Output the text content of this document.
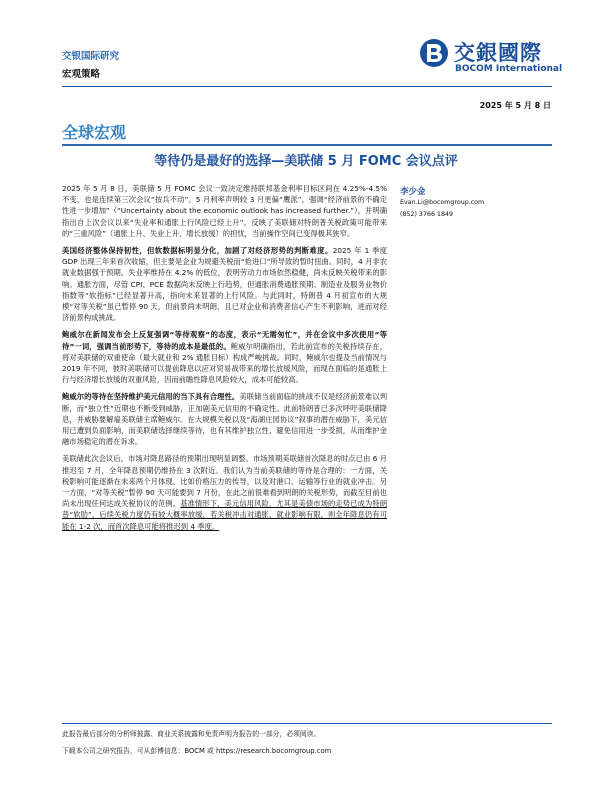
交银国际研究
宏观策略
交銀國際
BOCOM International
2025 年 5 月 8 日
全球宏观
等待仍是最好的选择—美联储 5 月 FOMC 会议点评
李少金
Evan.Li@bocomgroup.com
(852) 3766 1849

2025 年 5 月 8 日，美联储 5 月 FOMC 会议一致决定维持联邦基金利率目标区间在 4.25%-4.5% 不变，也是连续第三次会议“按兵不动”。5 月利率声明较 3 月更偏“鹰派”，强调“经济前景的不确定性进一步增加”（“Uncertainty about the economic outlook has increased further.”），并明确指出自上次会议以来“失业率和通胀上行风险已经上升”，反映了美联储对特朗普关税政策可能带来的“三重风险”（通胀上升、失业上升、增长放缓）的担忧，当前操作空间已变得极其狭窄。

美国经济整体保持韧性，但软数据标明显分化，加剧了对经济形势的判断难度。2025 年 1 季度 GDP 出现三年来首次收缩，但主要是企业为规避关税而“抢进口”所导致的暂时扭曲。同时，4 月非农就业数据强于预期，失业率维持在 4.2% 的低位，表明劳动力市场依然稳健，尚未反映关税带来的影响。通胀方面，尽管 CPI、PCE 数据尚未反映上行趋势，但通胀消费通胀预期、制造业及服务业物价指数等“软指标”已经显著升高，指向未来显著的上行风险。与此同时，特朗普 4 月初宣布的大规模“对等关税”虽已暂停 90 天，但前景尚未明朗，且已对企业和消费者信心产生不利影响，进而对经济前景构成挑战。

鲍威尔在新闻发布会上反复强调“等待观察”的态度，表示“无需匆忙”，并在会议中多次使用“等待”一词，强调当前形势下，等待的成本是最低的。鲍威尔明确指出，若此前宣布的关税持续存在，将对美联储的双重使命（最大就业和 2% 通胀目标）构成严峻挑战。同时，鲍威尔也提及当前情况与 2019 年不同，彼时美联储可以提前降息以应对贸易战带来的增长放缓风险，而现在面临的是通胀上行与经济增长放缓的双重风险，因而前瞻性降息风险较大，成本可能较高。

鲍威尔的等待在坚持维护美元信用的当下具有合理性。美联储当前面临的挑战不仅是经济前景难以判断，而“独立性”近期也不断受到威胁，正加剧美元信用的不确定性。此前特朗普已多次呼吁美联储降息，并威胁要解雇美联储主席鲍威尔。在大规模关税以及“海湖庄园协议”叙事的潜在威胁下，美元信用已遭到负面影响，而美联储选择继续等待，也有其维护独立性、避免信用进一步受损，从而维护金融市场稳定的潜在诉求。

美联储此次会议后，市场对降息路径的预期出现明显调整。市场预期美联储首次降息的时点已由 6 月推迟至 7 月，全年降息预期仍维持在 3 次附近。我们认为当前美联储的等待是合理的：一方面，关税影响可能逐渐在未来两个月体现，比如价格压力的传导，以及对港口、运输等行业的就业冲击。另一方面，“对等关税”暂停 90 天可能要到 7 月份，在此之前很难看到明朗的关税形势，而截至目前也尚未出现任何达成关税协议的范例。基准情形下，美元信用风险，尤其是美债市场的走势已成为特朗普“软肋”，后续关税力度仍有较大概率放缓，若关税冲击对通胀、就业影响有限，则全年降息仍有可能在 1-2 次，而首次降息可能将推迟到 4 季度。

此报告最后部分的分析师披露、商业关系披露和免责声明为报告的一部分，必须阅读。
下载本公司之研究报告，可从彭博信息：BOCM 或 https://research.bocomgroup.com
